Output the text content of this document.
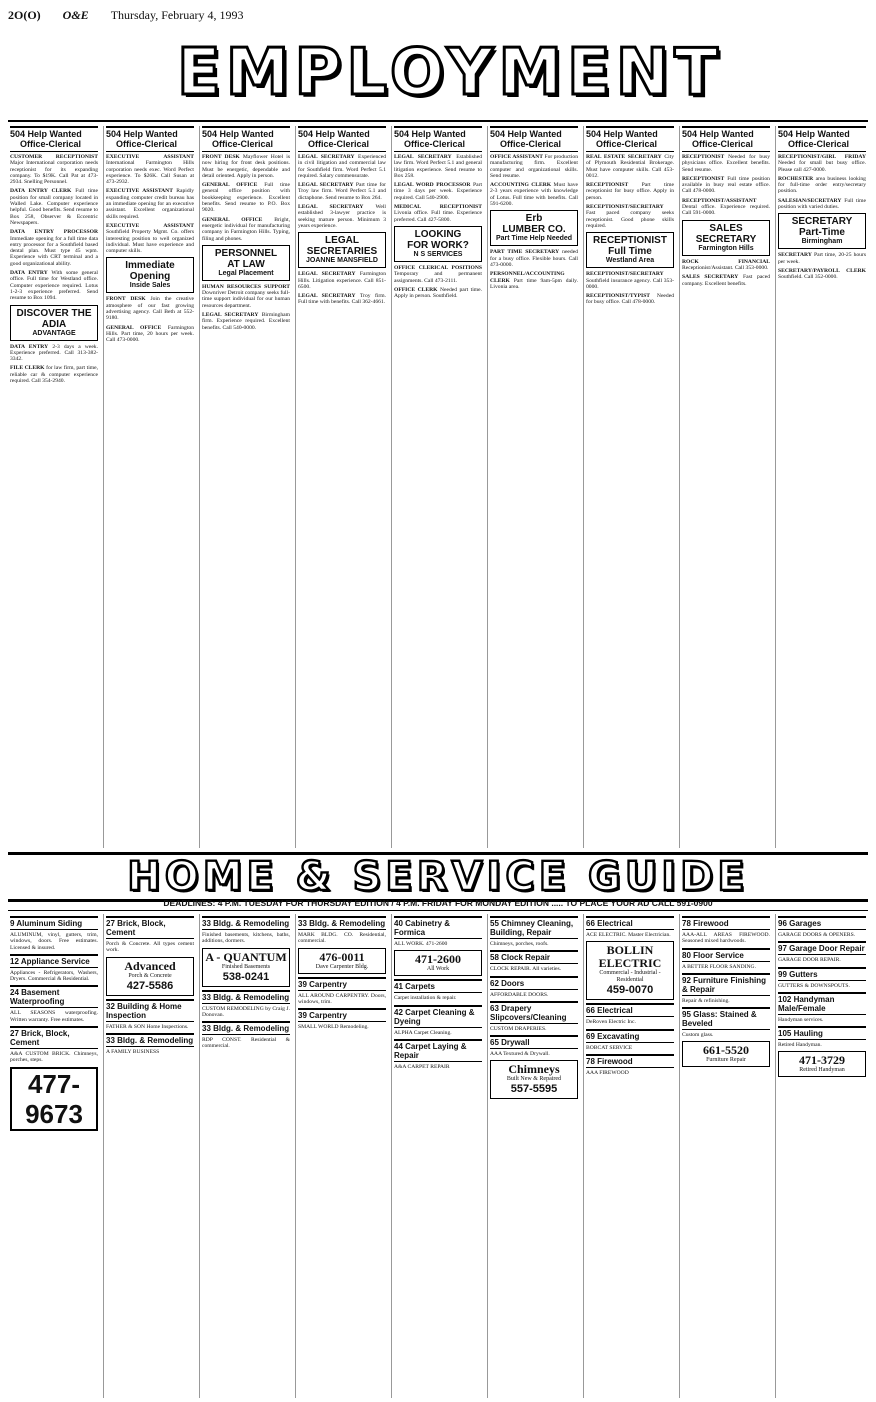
2O(O) O&E Thursday, February 4, 1993
EMPLOYMENT
504 Help Wanted
Office-Clerical
CUSTOMER RECEPTIONIST Major International corporation needs receptionist for its expanding company. To $19K. Call Pat at 473-2934. Snelling Personnel.
DATA ENTRY CLERK Full time position for small company located in Walled Lake. Computer experience helpful. Good benefits. Send resume to Box 258, Observer & Eccentric Newspapers.
DATA ENTRY PROCESSOR Immediate opening for a full time data entry processor for a Southfield based dental plan. Must type 45 wpm. Experience with CRT terminal and a good organizational ability.
DATA ENTRY With some general office. Full time for Westland office. Computer experience required. Lotus 1-2-3 experience preferred. Send resume to Box 1094.
DISCOVER THE
ADIA
ADVANTAGE
DATA ENTRY 2-3 days a week. Experience preferred. Call 313-382-3342.
FILE CLERK for law firm, part time, reliable car & computer experience required. Call 354-2940.
504 Help Wanted
Office-Clerical
EXECUTIVE ASSISTANT International Farmington Hills corporation needs exec. Word Perfect experience. To $26K. Call Susan at 473-2932.
EXECUTIVE ASSISTANT Rapidly expanding computer credit bureau has an immediate opening for an executive assistant. Excellent organizational skills required.
EXECUTIVE ASSISTANT Southfield Property Mgmt. Co. offers interesting position to well organized individual. Must have experience and computer skills.
Immediate
Opening
Inside Sales
FRONT DESK Join the creative atmosphere of our fast growing advertising agency. Call Beth at 552-9180.
GENERAL OFFICE Farmington Hills. Part time, 20 hours per week. Call 473-0000.
504 Help Wanted
Office-Clerical
FRONT DESK Mayflower Hotel is now hiring for front desk positions. Must be energetic, dependable and detail oriented. Apply in person.
GENERAL OFFICE Full time general office position with bookkeeping experience. Excellent benefits. Send resume to P.O. Box 9020.
GENERAL OFFICE Bright, energetic individual for manufacturing company in Farmington Hills. Typing, filing and phones.
PERSONNEL
AT LAW
Legal Placement
HUMAN RESOURCES SUPPORT Downriver Detroit company seeks full-time support individual for our human resources department.
LEGAL SECRETARY Birmingham firm. Experience required. Excellent benefits. Call 540-0000.
504 Help Wanted
Office-Clerical
LEGAL SECRETARY Experienced in civil litigation and commercial law for Southfield firm. Word Perfect 5.1 required. Salary commensurate.
LEGAL SECRETARY Part time for Troy law firm. Word Perfect 5.1 and dictaphone. Send resume to Box 264.
LEGAL SECRETARY Well established 3-lawyer practice is seeking mature person. Minimum 3 years experience.
LEGAL
SECRETARIES
JOANNE MANSFIELD
LEGAL SECRETARY Farmington Hills. Litigation experience. Call 851-6500.
LEGAL SECRETARY Troy firm. Full time with benefits. Call 362-4661.
504 Help Wanted
Office-Clerical
LEGAL SECRETARY Established law firm. Word Perfect 5.1 and general litigation experience. Send resume to Box 258.
LEGAL WORD PROCESSOR Part time 3 days per week. Experience required. Call 540-2900.
MEDICAL RECEPTIONIST Livonia office. Full time. Experience preferred. Call 427-5800.
LOOKING
FOR WORK?
N S SERVICES
OFFICE CLERICAL POSITIONS Temporary and permanent assignments. Call 473-2111.
OFFICE CLERK Needed part time. Apply in person. Southfield.
504 Help Wanted
Office-Clerical
OFFICE ASSISTANT For production manufacturing firm. Excellent computer and organizational skills. Send resume.
ACCOUNTING CLERK Must have 2-3 years experience with knowledge of Lotus. Full time with benefits. Call 591-6200.
Erb
LUMBER CO.
Part Time Help Needed
PART TIME SECRETARY needed for a busy office. Flexible hours. Call 473-0000.
PERSONNEL/ACCOUNTING CLERK Part time 9am-5pm daily. Livonia area.
504 Help Wanted
Office-Clerical
REAL ESTATE SECRETARY City of Plymouth Residential Brokerage. Must have computer skills. Call 453-0012.
RECEPTIONIST Part time receptionist for busy office. Apply in person.
RECEPTIONIST/SECRETARY Fast paced company seeks receptionist. Good phone skills required.
RECEPTIONIST
Full Time
Westland Area
RECEPTIONIST/SECRETARY Southfield insurance agency. Call 353-0000.
RECEPTIONIST/TYPIST Needed for busy office. Call 478-0000.
504 Help Wanted
Office-Clerical
RECEPTIONIST Needed for busy physicians office. Excellent benefits. Send resume.
RECEPTIONIST Full time position available in busy real estate office. Call 478-0000.
RECEPTIONIST/ASSISTANT Dental office. Experience required. Call 591-0000.
SALES
SECRETARY
Farmington Hills
ROCK FINANCIAL Receptionist/Assistant. Call 353-0000.
SALES SECRETARY Fast paced company. Excellent benefits.
504 Help Wanted
Office-Clerical
RECEPTIONIST/GIRL FRIDAY Needed for small but busy office. Please call 427-0000.
ROCHESTER area business looking for full-time order entry/secretary position.
SALESIAN/SECRETARY Full time position with varied duties.
SECRETARY
Part-Time
Birmingham
SECRETARY Part time, 20-25 hours per week.
SECRETARY/PAYROLL CLERK Southfield. Call 352-0000.
HOME & SERVICE GUIDE
DEADLINES: 4 P.M. TUESDAY FOR THURSDAY EDITION / 4 P.M. FRIDAY FOR MONDAY EDITION ..... TO PLACE YOUR AD CALL 591-0900
9 Aluminum Siding
ALUMINUM, vinyl, gutters, trim, windows, doors. Free estimates. Licensed & insured.
12 Appliance Service
Appliances - Refrigerators, Washers, Dryers. Commercial & Residential.
24 Basement Waterproofing
ALL SEASONS waterproofing. Written warranty. Free estimates.
27 Brick, Block, Cement
A&A CUSTOM BRICK. Chimneys, porches, steps.
477-9673
27 Brick, Block, Cement
Porch & Concrete. All types cement work.
Advanced
Porch & Concrete
427-5586
32 Building & Home Inspection
FATHER & SON Home Inspections.
33 Bldg. & Remodeling
A FAMILY BUSINESS
33 Bldg. & Remodeling
Finished basements, kitchens, baths, additions, dormers.
A - QUANTUM
Finished Basements
538-0241
33 Bldg. & Remodeling
CUSTOM REMODELING by Craig J. Donovan.
33 Bldg. & Remodeling
RDP CONST. Residential & commercial.
33 Bldg. & Remodeling
MARK BLDG. CO. Residential, commercial.
476-0011
Dave Carpenter Bldg.
39 Carpentry
ALL AROUND CARPENTRY. Doors, windows, trim.
39 Carpentry
SMALL WORLD Remodeling.
40 Cabinetry & Formica
ALL WORK. 471-2600
471-2600
All Work
41 Carpets
Carpet installation & repair.
42 Carpet Cleaning & Dyeing
ALPHA Carpet Cleaning.
44 Carpet Laying & Repair
A&A CARPET REPAIR
55 Chimney Cleaning, Building, Repair
Chimneys, porches, roofs.
58 Clock Repair
CLOCK REPAIR. All varieties.
62 Doors
AFFORDABLE DOORS.
63 Drapery Slipcovers/Cleaning
CUSTOM DRAPERIES.
65 Drywall
AAA Textured & Drywall.
Chimneys
Built New & Repaired
557-5595
66 Electrical
ACE ELECTRIC. Master Electrician.
BOLLIN ELECTRIC
Commercial - Industrial - Residential
459-0070
66 Electrical
DeRoven Electric Inc.
69 Excavating
BOBCAT SERVICE
78 Firewood
AAA FIREWOOD
78 Firewood
AAA-ALL AREAS FIREWOOD. Seasoned mixed hardwoods.
80 Floor Service
A BETTER FLOOR SANDING.
92 Furniture Finishing & Repair
Repair & refinishing.
95 Glass: Stained & Beveled
Custom glass.
661-5520
Furniture Repair
96 Garages
GARAGE DOORS & OPENERS.
97 Garage Door Repair
GARAGE DOOR REPAIR.
99 Gutters
GUTTERS & DOWNSPOUTS.
102 Handyman Male/Female
Handyman services.
105 Hauling
Retired Handyman.
471-3729
Retired Handyman
